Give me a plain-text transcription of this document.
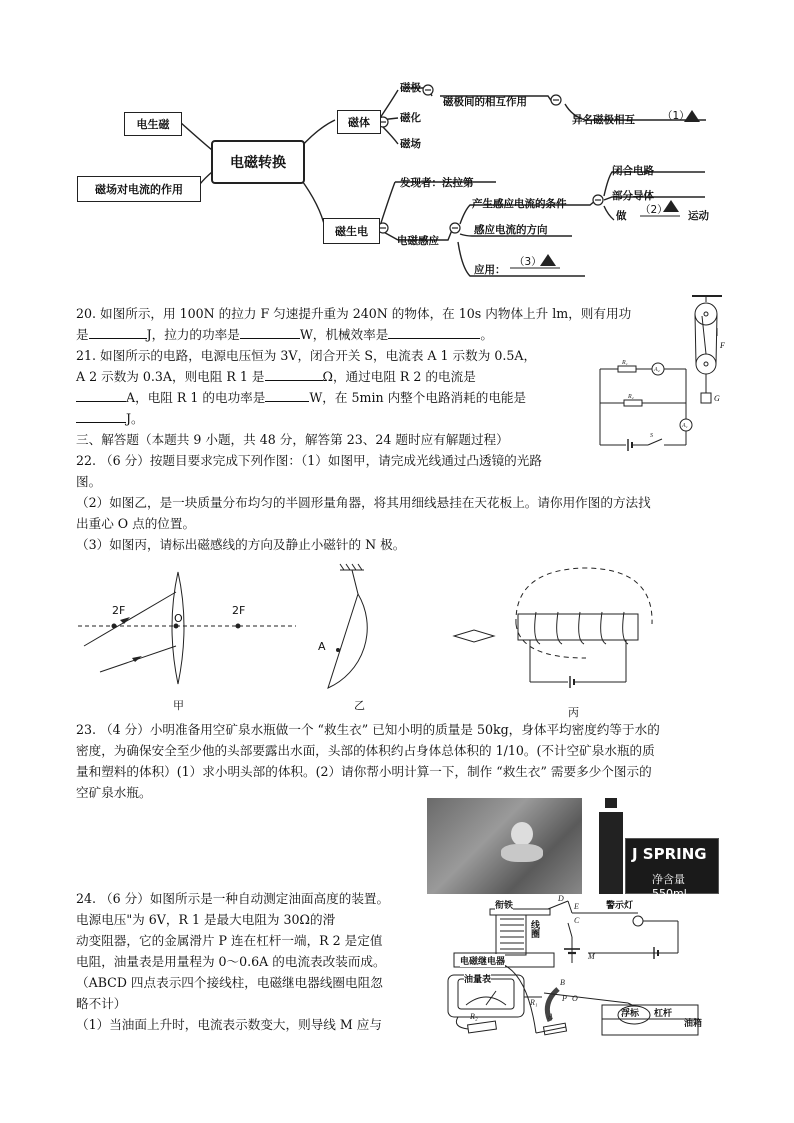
电生磁
磁场对电流的作用
电磁转换
磁体
磁生电
磁极
磁化
磁场
磁极间的相互作用
异名磁极相互	（1）
发现者：法拉第
电磁感应
产生感应电流的条件
闭合电路
部分导体
做 （2） 运动
感应电流的方向
应用：
（3）
20. 如图所示，用 100N 的拉力 F 匀速提升重为 240N 的物体，在 10s 内物体上升 lm，则有用功
是	J，拉力的功率是	W，机械效率是	。
F
G
21. 如图所示的电路，电源电压恒为 3V，闭合开关 S，电流表 A 1 示数为 0.5A，
A 2 示数为 0.3A，则电阻 R 1 是	Ω，通过电阻 R 2 的电流是
A，电阻 R 1 的电功率是	W，在 5min 内整个电路消耗的电能是
J。
R₁
A₂
R₂
A₁
S
三、解答题（本题共 9 小题，共 48 分，解答第 23、24 题时应有解题过程）
22. （6 分）按题目要求完成下列作图：（1）如图甲，请完成光线通过凸透镜的光路
图。
（2）如图乙，是一块质量分布均匀的半圆形量角器，将其用细线悬挂在天花板上。请你用作图的方法找
出重心 O 点的位置。
（3）如图丙，请标出磁感线的方向及静止小磁针的 N 极。
2F
O
2F
A
甲	乙
丙
23. （4 分）小明准备用空矿泉水瓶做一个 “救生衣” 已知小明的质量是 50kg，身体平均密度约等于水的
密度，为确保安全至少他的头部要露出水面，头部的体积约占身体总体积的 1/10。(不计空矿泉水瓶的质
量和塑料的体积）(1）求小明头部的体积。(2）请你帮小明计算一下，制作 “救生衣” 需要多少个图示的
空矿泉水瓶。
J SPRING
净含量550ml
24. （6 分）如图所示是一种自动测定油面高度的装置。
电源电压"为 6V，R 1 是最大电阻为 30Ω的滑
动变阻器，它的金属滑片 P 连在杠杆一端，R 2 是定值
电阻，油量表是用量程为 0～0.6A 的电流表改装而成。
（ABCD 四点表示四个接线柱，电磁继电器线圈电阻忽
略不计）
（1）当油面上升时，电流表示数变大，则导线 M 应与
D
E
C
M
B
P O
A
R₁
R₂
衔铁
线圈
电磁继电器
警示灯
油量表
浮标 杠杆
油箱
